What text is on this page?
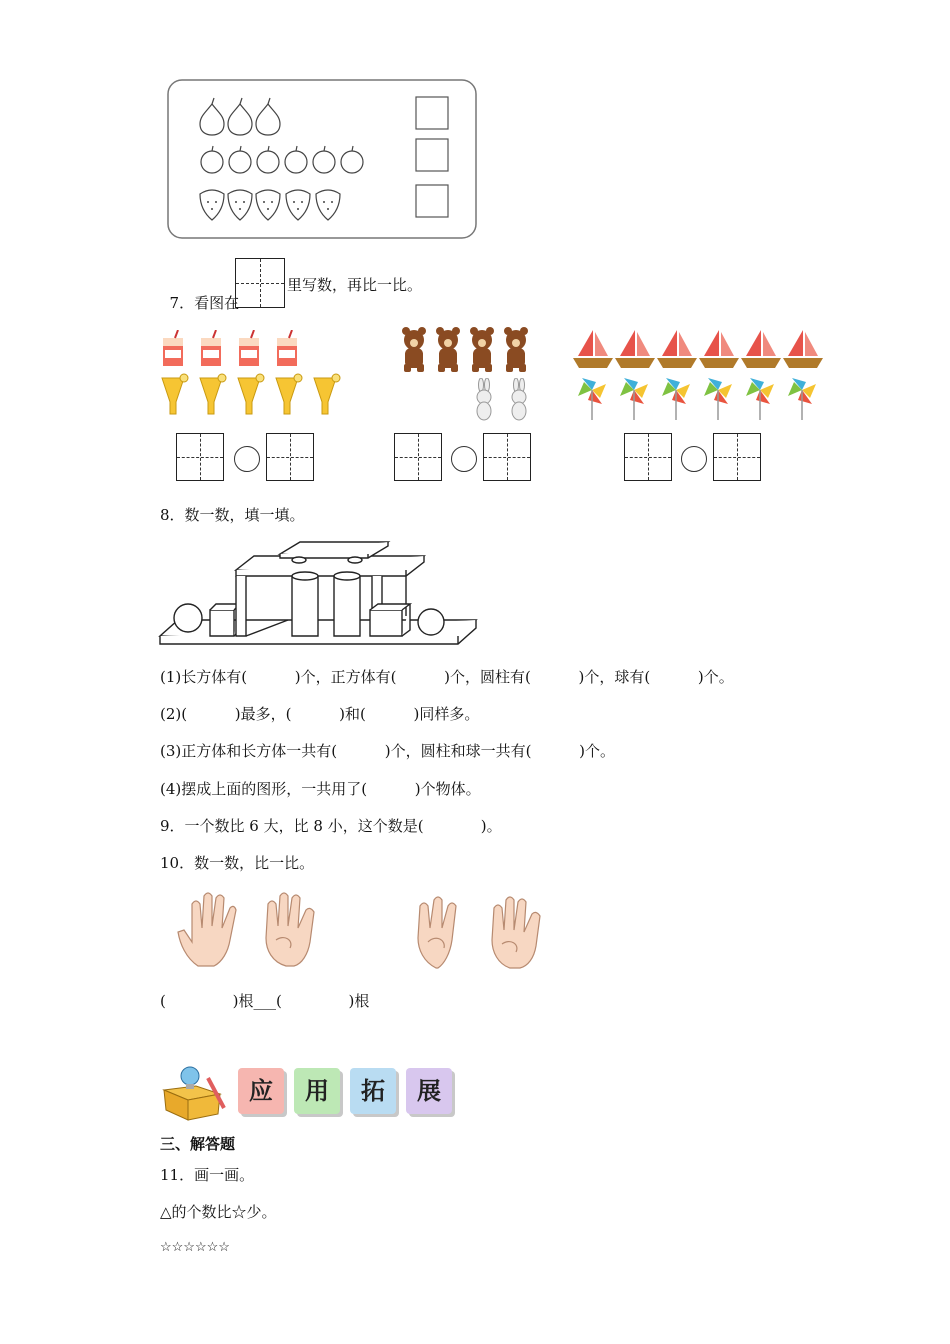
7．看图在

里写数，再比一比。
8．数一数，填一填。
(1)长方体有(          )个，正方体有(          )个，圆柱有(          )个，球有(          )个。
(2)(          )最多，(          )和(          )同样多。
(3)正方体和长方体一共有(          )个，圆柱和球一共有(          )个。
(4)摆成上面的图形，一共用了(          )个物体。
9．一个数比 6 大，比 8 小，这个数是(            )。
10．数一数，比一比。
(              )根___(              )根
应	用	拓	展
三、解答题
11．画一画。
△的个数比☆少。
☆☆☆☆☆☆
